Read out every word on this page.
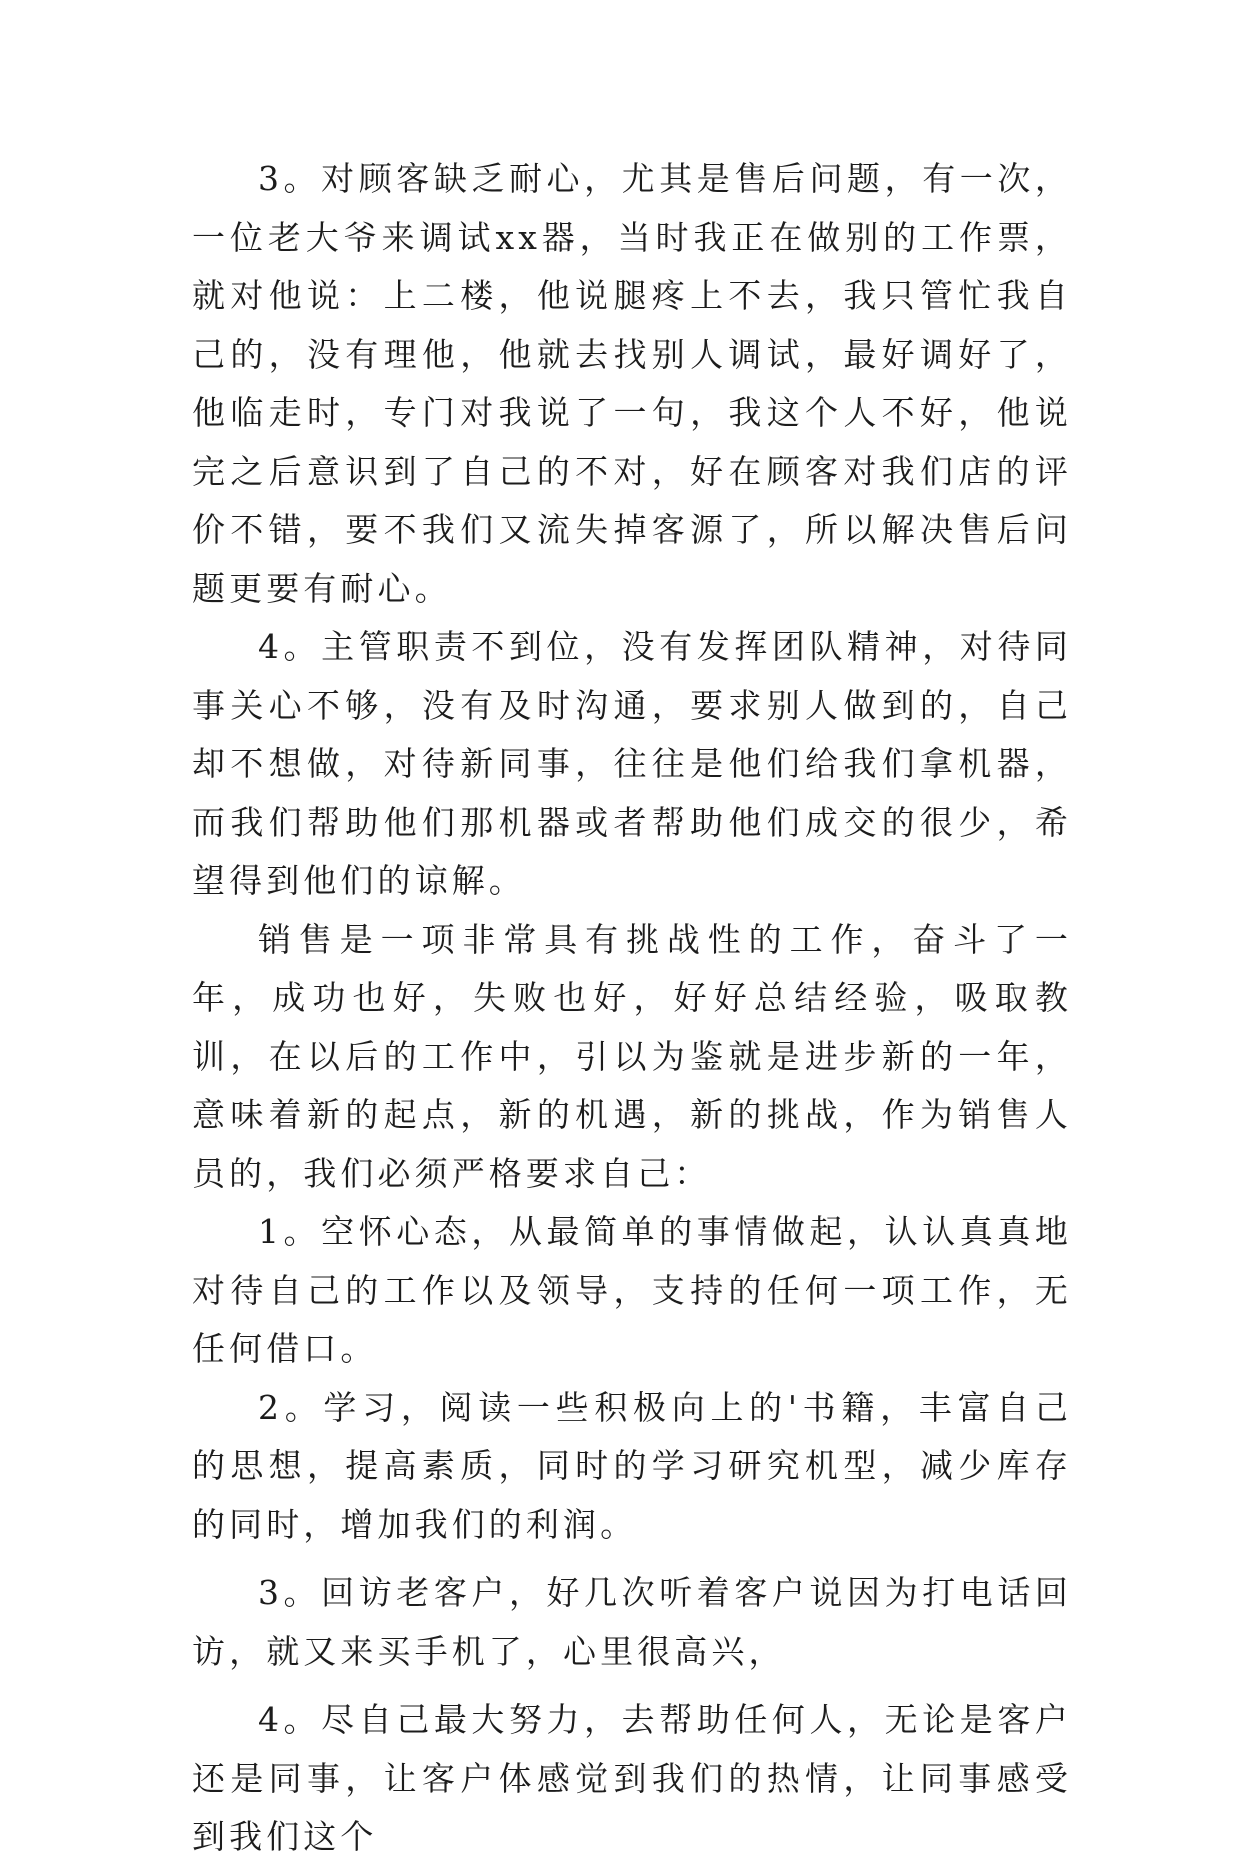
3。对顾客缺乏耐心，尤其是售后问题，有一次，一位老大爷来调试xx器，当时我正在做别的工作票，就对他说：上二楼，他说腿疼上不去，我只管忙我自己的，没有理他，他就去找别人调试，最好调好了，他临走时，专门对我说了一句，我这个人不好，他说完之后意识到了自己的不对，好在顾客对我们店的评价不错，要不我们又流失掉客源了，所以解决售后问题更要有耐心。

4。主管职责不到位，没有发挥团队精神，对待同事关心不够，没有及时沟通，要求别人做到的，自己却不想做，对待新同事，往往是他们给我们拿机器，而我们帮助他们那机器或者帮助他们成交的很少，希望得到他们的谅解。

销售是一项非常具有挑战性的工作，奋斗了一年，成功也好，失败也好，好好总结经验，吸取教训，在以后的工作中，引以为鉴就是进步新的一年，意味着新的起点，新的机遇，新的挑战，作为销售人员的，我们必须严格要求自己：

1。空怀心态，从最简单的事情做起，认认真真地对待自己的工作以及领导，支持的任何一项工作，无任何借口。

2。学习，阅读一些积极向上的'书籍，丰富自己的思想，提高素质，同时的学习研究机型，减少库存的同时，增加我们的利润。

3。回访老客户，好几次听着客户说因为打电话回访，就又来买手机了，心里很高兴，

4。尽自己最大努力，去帮助任何人，无论是客户还是同事，让客户体感觉到我们的热情，让同事感受到我们这个
